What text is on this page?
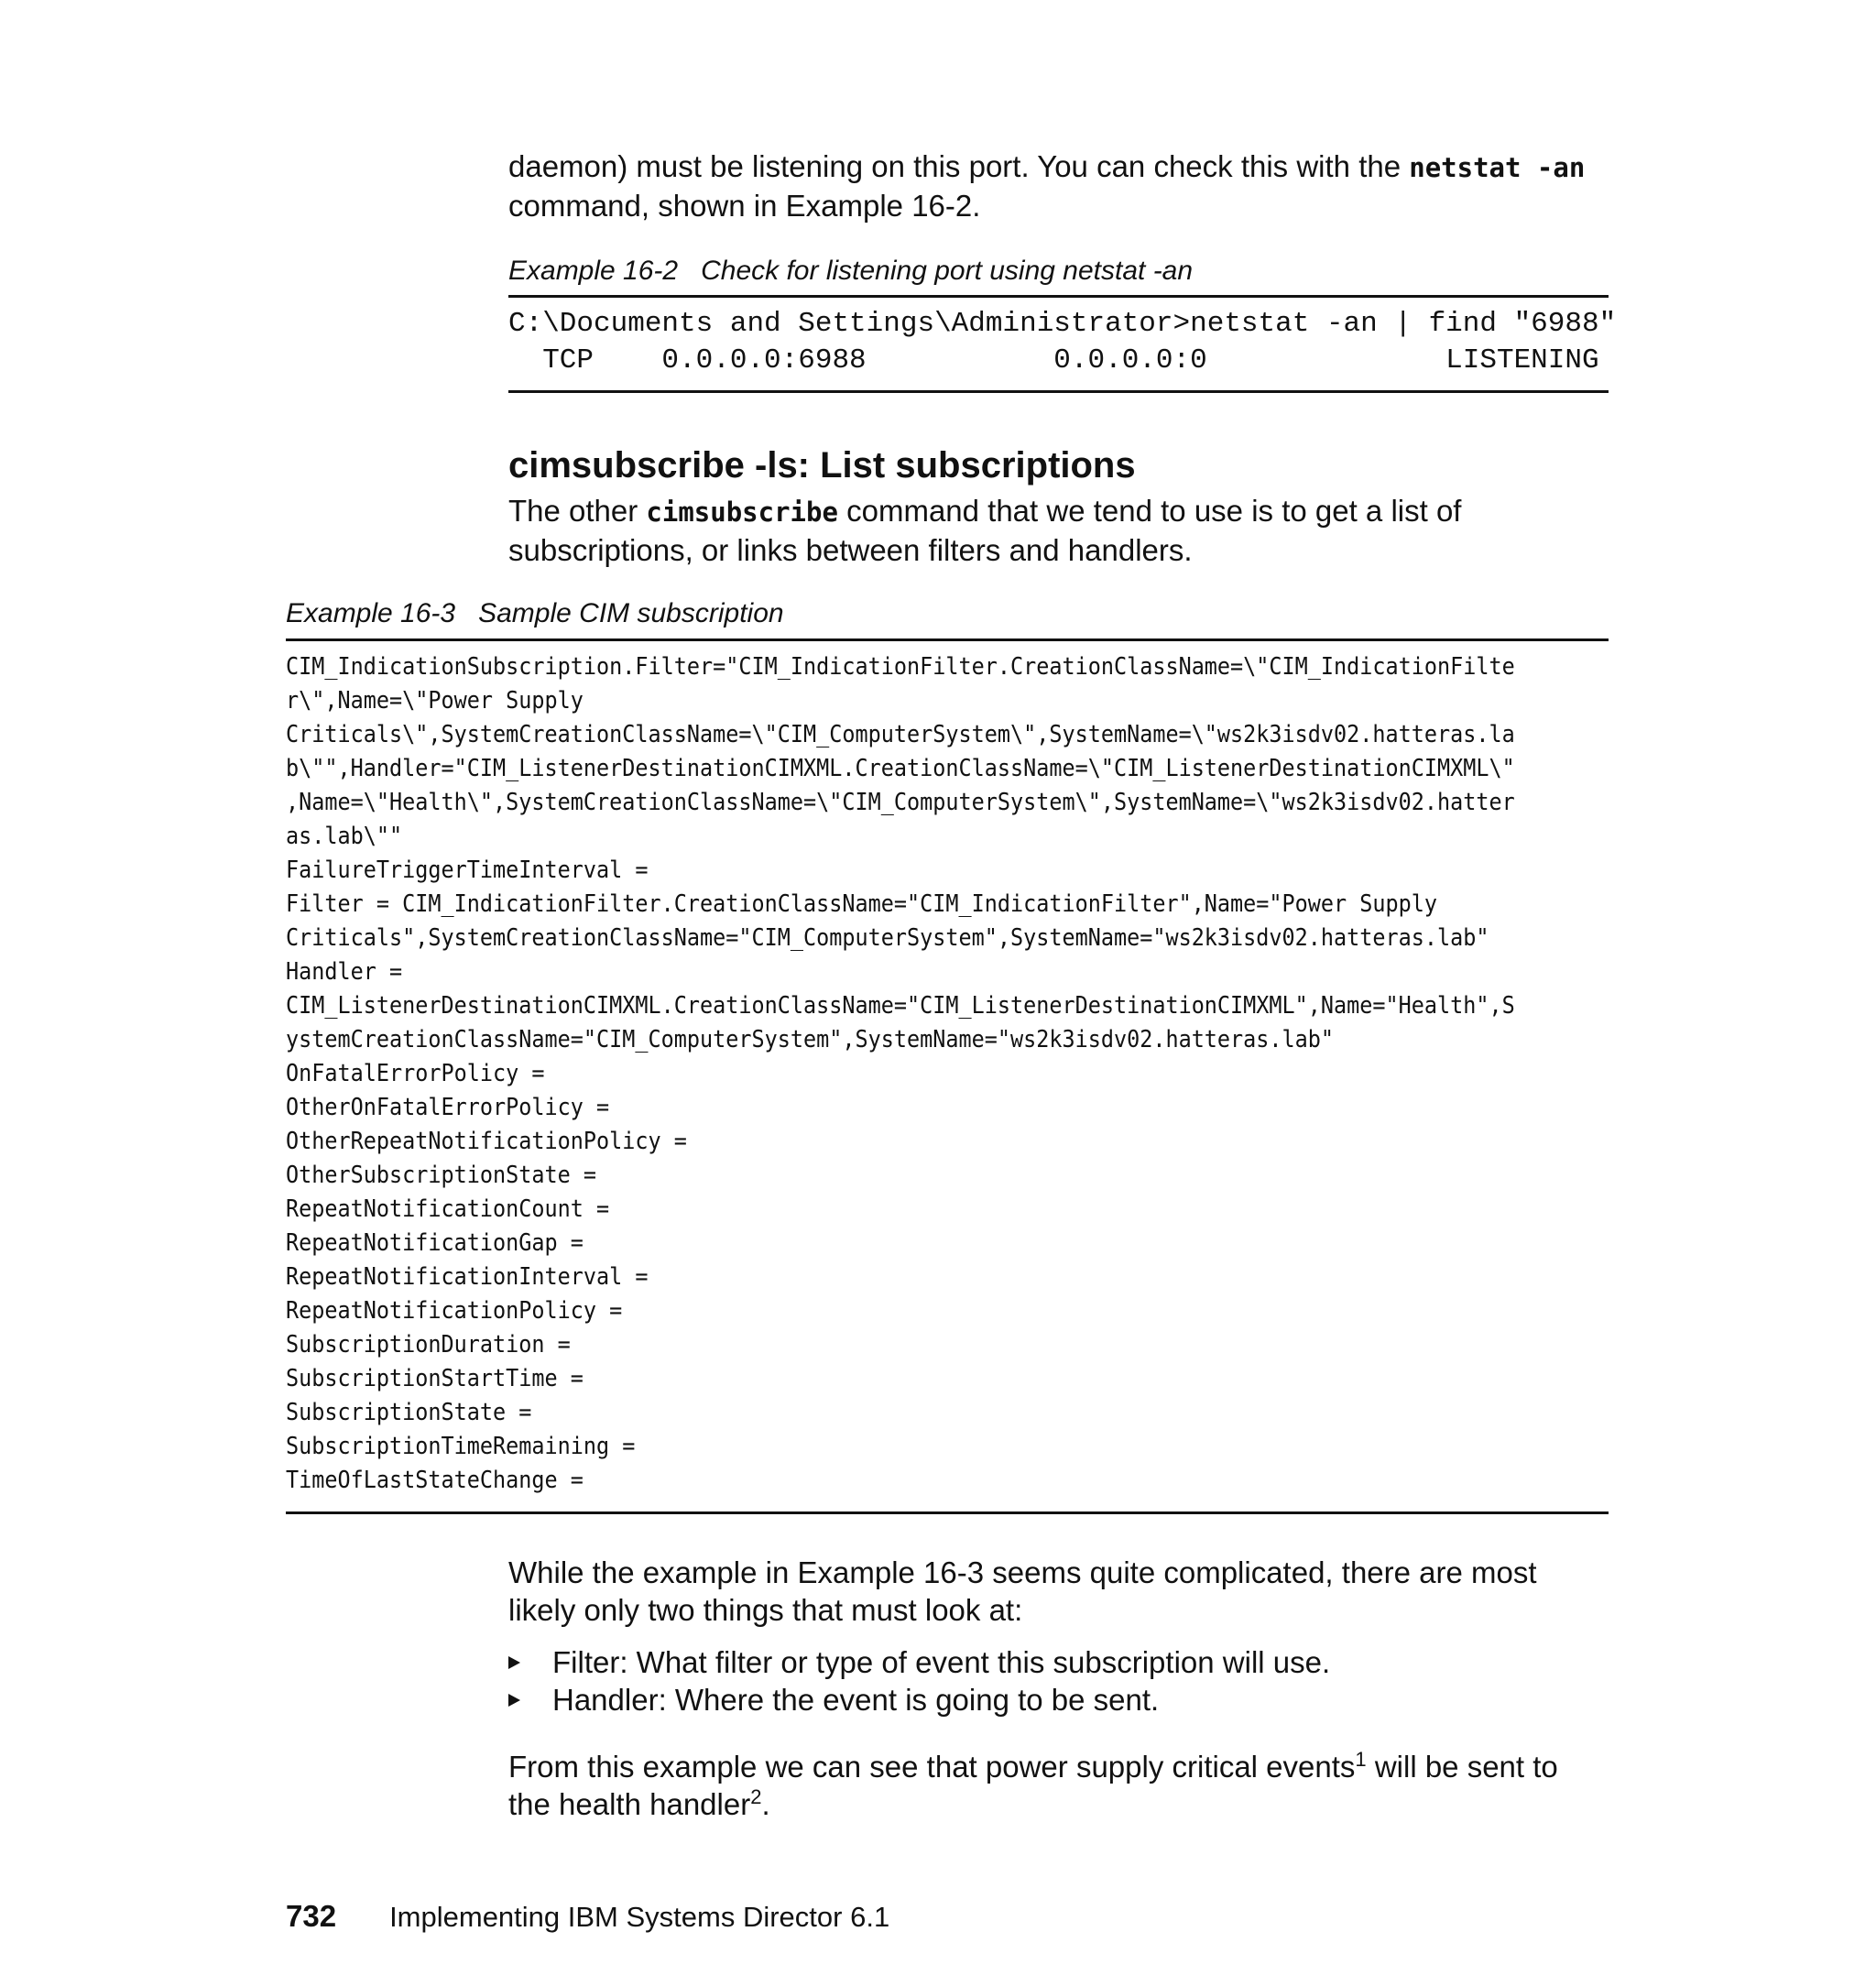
daemon) must be listening on this port. You can check this with the netstat -an
command, shown in Example 16-2.

Example 16-2   Check for listening port using netstat -an

C:\Documents and Settings\Administrator>netstat -an | find "6988"
TCP    0.0.0.0:6988           0.0.0.0:0              LISTENING
cimsubscribe -ls: List subscriptions

The other cimsubscribe command that we tend to use is to get a list of subscriptions, or links between filters and handlers.

Example 16-3   Sample CIM subscription

CIM_IndicationSubscription.Filter="CIM_IndicationFilter.CreationClassName=\"CIM_IndicationFilte
r\",Name=\"Power Supply
Criticals\",SystemCreationClassName=\"CIM_ComputerSystem\",SystemName=\"ws2k3isdv02.hatteras.la
b\"",Handler="CIM_ListenerDestinationCIMXML.CreationClassName=\"CIM_ListenerDestinationCIMXML\"
,Name=\"Health\",SystemCreationClassName=\"CIM_ComputerSystem\",SystemName=\"ws2k3isdv02.hatter
as.lab\""
FailureTriggerTimeInterval =
Filter = CIM_IndicationFilter.CreationClassName="CIM_IndicationFilter",Name="Power Supply
Criticals",SystemCreationClassName="CIM_ComputerSystem",SystemName="ws2k3isdv02.hatteras.lab"
Handler =
CIM_ListenerDestinationCIMXML.CreationClassName="CIM_ListenerDestinationCIMXML",Name="Health",S
ystemCreationClassName="CIM_ComputerSystem",SystemName="ws2k3isdv02.hatteras.lab"
OnFatalErrorPolicy =
OtherOnFatalErrorPolicy =
OtherRepeatNotificationPolicy =
OtherSubscriptionState =
RepeatNotificationCount =
RepeatNotificationGap =
RepeatNotificationInterval =
RepeatNotificationPolicy =
SubscriptionDuration =
SubscriptionStartTime =
SubscriptionState =
SubscriptionTimeRemaining =
TimeOfLastStateChange =

While the example in Example 16-3 seems quite complicated, there are most likely only two things that must look at:

Filter: What filter or type of event this subscription will use.
Handler: Where the event is going to be sent.

From this example we can see that power supply critical events$^1$ will be sent to the health handler$^2$.

732 Implementing IBM Systems Director 6.1
